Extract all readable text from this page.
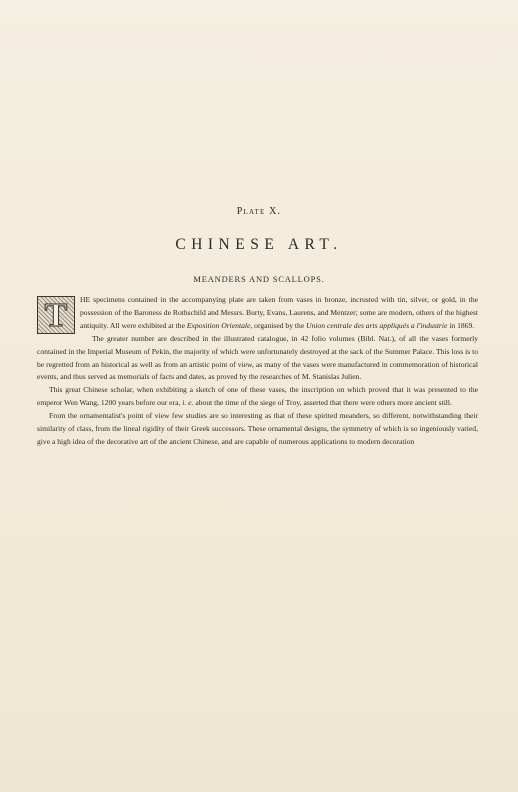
Plate X.
CHINESE ART.
MEANDERS AND SCALLOPS.

T	HE specimens contained in the accompanying plate are taken from vases in bronze, incrusted with tin, silver, or gold, in the possession of the Baroness de Rothschild and Messrs. Burty, Evans, Laurens, and Mentzer; some are modern, others of the highest antiquity. All were exhibited at the Exposition Orientale, organised by the Union centrale des arts appliqués a l'industrie in 1869.

The greater number are described in the illustrated catalogue, in 42 folio volumes (Bibl. Nat.), of all the vases formerly contained in the Imperial Museum of Pekin, the majority of which were unfortunately destroyed at the sack of the Summer Palace. This loss is to be regretted from an historical as well as from an artistic point of view, as many of the vases were manufactured in commemoration of historical events, and thus served as memorials of facts and dates, as proved by the researches of M. Stanislas Julien.

This great Chinese scholar, when exhibiting a sketch of one of these vases, the inscription on which proved that it was presented to the emperor Wen Wang, 1200 years before our era, i. e. about the time of the siege of Troy, asserted that there were others more ancient still.

From the ornamentalist's point of view few studies are so interesting as that of these spirited meanders, so different, notwithstanding their similarity of class, from the lineal rigidity of their Greek successors. These ornamental designs, the symmetry of which is so ingeniously varied, give a high idea of the decorative art of the ancient Chinese, and are capable of numerous applications to modern decoration
